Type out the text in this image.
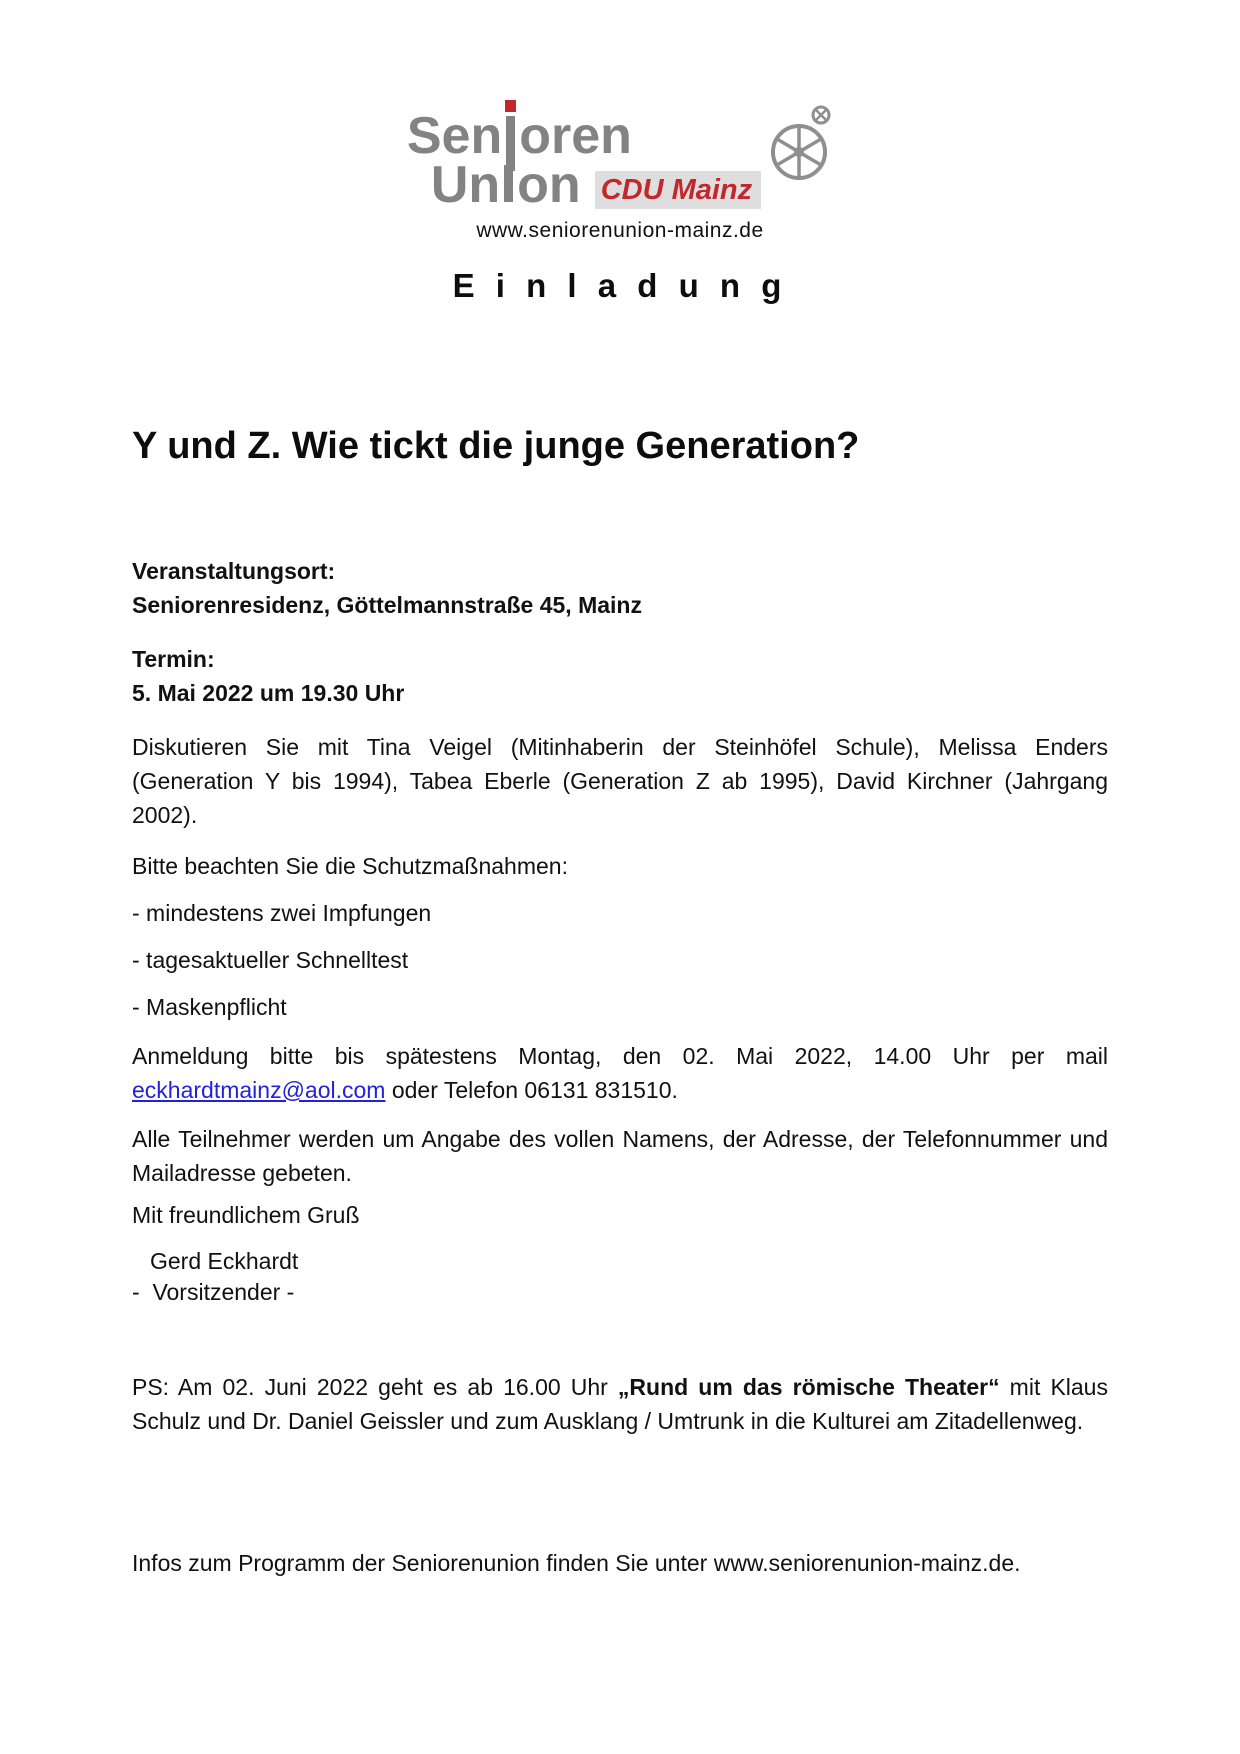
Sen oren
Un on CDU Mainz
www.seniorenunion-mainz.de
E i n l a d u n g
Y und Z. Wie tickt die junge Generation?

Veranstaltungsort:
Seniorenresidenz, Göttelmannstraße 45, Mainz

Termin:
5. Mai 2022 um 19.30 Uhr

Diskutieren Sie mit Tina Veigel (Mitinhaberin der Steinhöfel Schule), Melissa Enders (Generation Y bis 1994), Tabea Eberle (Generation Z ab 1995), David Kirchner (Jahrgang 2002).

Bitte beachten Sie die Schutzmaßnahmen:

- mindestens zwei Impfungen

- tagesaktueller Schnelltest

- Maskenpflicht

Anmeldung bitte bis spätestens Montag, den 02. Mai 2022, 14.00 Uhr per mail eckhardtmainz@aol.com oder Telefon 06131 831510.

Alle Teilnehmer werden um Angabe des vollen Namens, der Adresse, der Telefonnummer und Mailadresse gebeten.

Mit freundlichem Gruß

Gerd Eckhardt
-  Vorsitzender -

PS: Am 02. Juni 2022 geht es ab 16.00 Uhr „Rund um das römische Theater“ mit Klaus Schulz und Dr. Daniel Geissler und zum Ausklang / Umtrunk in die Kulturei am Zitadellenweg.

Infos zum Programm der Seniorenunion finden Sie unter www.seniorenunion-mainz.de.
